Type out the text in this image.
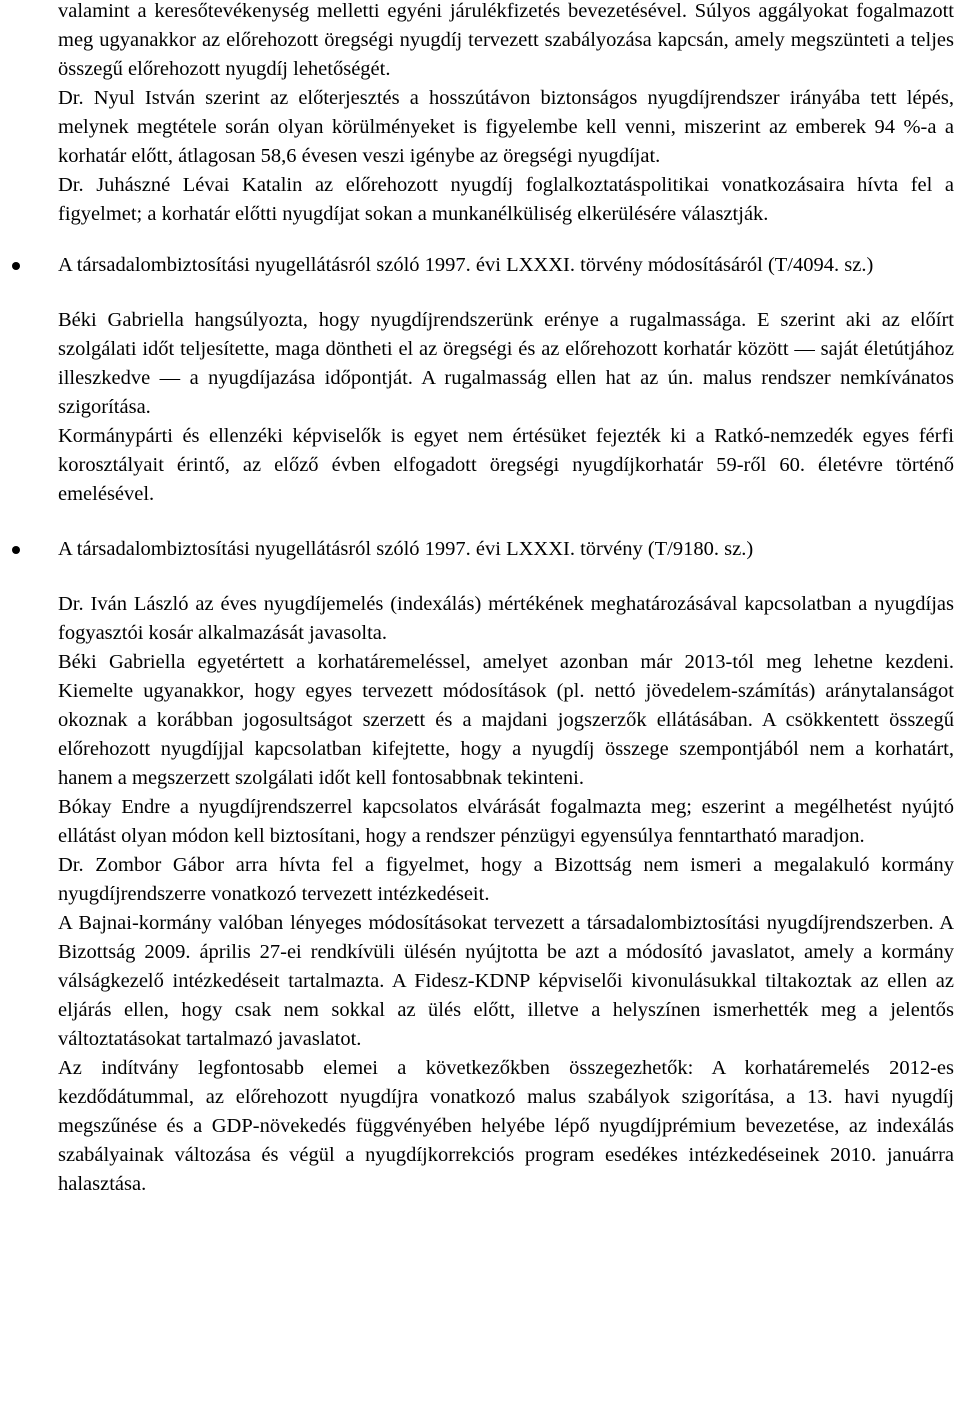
valamint a keresőtevékenység melletti egyéni járulékfizetés bevezetésével. Súlyos aggályokat fogalmazott meg ugyanakkor az előrehozott öregségi nyugdíj tervezett szabályozása kapcsán, amely megszünteti a teljes összegű előrehozott nyugdíj lehetőségét.

Dr. Nyul István szerint az előterjesztés a hosszútávon biztonságos nyugdíjrendszer irányába tett lépés, melynek megtétele során olyan körülményeket is figyelembe kell venni, miszerint az emberek 94 %-a a korhatár előtt, átlagosan 58,6 évesen veszi igénybe az öregségi nyugdíjat.

Dr. Juhászné Lévai Katalin az előrehozott nyugdíj foglalkoztatáspolitikai vonatkozásaira hívta fel a figyelmet; a korhatár előtti nyugdíjat sokan a munkanélküliség elkerülésére választják.

A társadalombiztosítási nyugellátásról szóló 1997. évi LXXXI. törvény módosításáról (T/4094. sz.)

Béki Gabriella hangsúlyozta, hogy nyugdíjrendszerünk erénye a rugalmassága. E szerint aki az előírt szolgálati időt teljesítette, maga döntheti el az öregségi és az előrehozott korhatár között — saját életútjához illeszkedve — a nyugdíjazása időpontját. A rugalmasság ellen hat az ún. malus rendszer nemkívánatos szigorítása.

Kormánypárti és ellenzéki képviselők is egyet nem értésüket fejezték ki a Ratkó-nemzedék egyes férfi korosztályait érintő, az előző évben elfogadott öregségi nyugdíjkorhatár 59-ről 60. életévre történő emelésével.

A társadalombiztosítási nyugellátásról szóló 1997. évi LXXXI. törvény (T/9180. sz.)

Dr. Iván László az éves nyugdíjemelés (indexálás) mértékének meghatározásával kapcsolatban a nyugdíjas fogyasztói kosár alkalmazását javasolta.

Béki Gabriella egyetértett a korhatáremeléssel, amelyet azonban már 2013-tól meg lehetne kezdeni. Kiemelte ugyanakkor, hogy egyes tervezett módosítások (pl. nettó jövedelem-számítás) aránytalanságot okoznak a korábban jogosultságot szerzett és a majdani jogszerzők ellátásában. A csökkentett összegű előrehozott nyugdíjjal kapcsolatban kifejtette, hogy a nyugdíj összege szempontjából nem a korhatárt, hanem a megszerzett szolgálati időt kell fontosabbnak tekinteni.

Bókay Endre a nyugdíjrendszerrel kapcsolatos elvárását fogalmazta meg; eszerint a megélhetést nyújtó ellátást olyan módon kell biztosítani, hogy a rendszer pénzügyi egyensúlya fenntartható maradjon.

Dr. Zombor Gábor arra hívta fel a figyelmet, hogy a Bizottság nem ismeri a megalakuló kormány nyugdíjrendszerre vonatkozó tervezett intézkedéseit.

A Bajnai-kormány valóban lényeges módosításokat tervezett a társadalombiztosítási nyugdíjrendszerben. A Bizottság 2009. április 27-ei rendkívüli ülésén nyújtotta be azt a módosító javaslatot, amely a kormány válságkezelő intézkedéseit tartalmazta. A Fidesz-KDNP képviselői kivonulásukkal tiltakoztak az ellen az eljárás ellen, hogy csak nem sokkal az ülés előtt, illetve a helyszínen ismerhették meg a jelentős változtatásokat tartalmazó javaslatot.

Az indítvány legfontosabb elemei a következőkben összegezhetők: A korhatáremelés 2012-es kezdődátummal, az előrehozott nyugdíjra vonatkozó malus szabályok szigorítása, a 13. havi nyugdíj megszűnése és a GDP-növekedés függvényében helyébe lépő nyugdíjprémium bevezetése, az indexálás szabályainak változása és végül a nyugdíjkorrekciós program esedékes intézkedéseinek 2010. januárra halasztása.
